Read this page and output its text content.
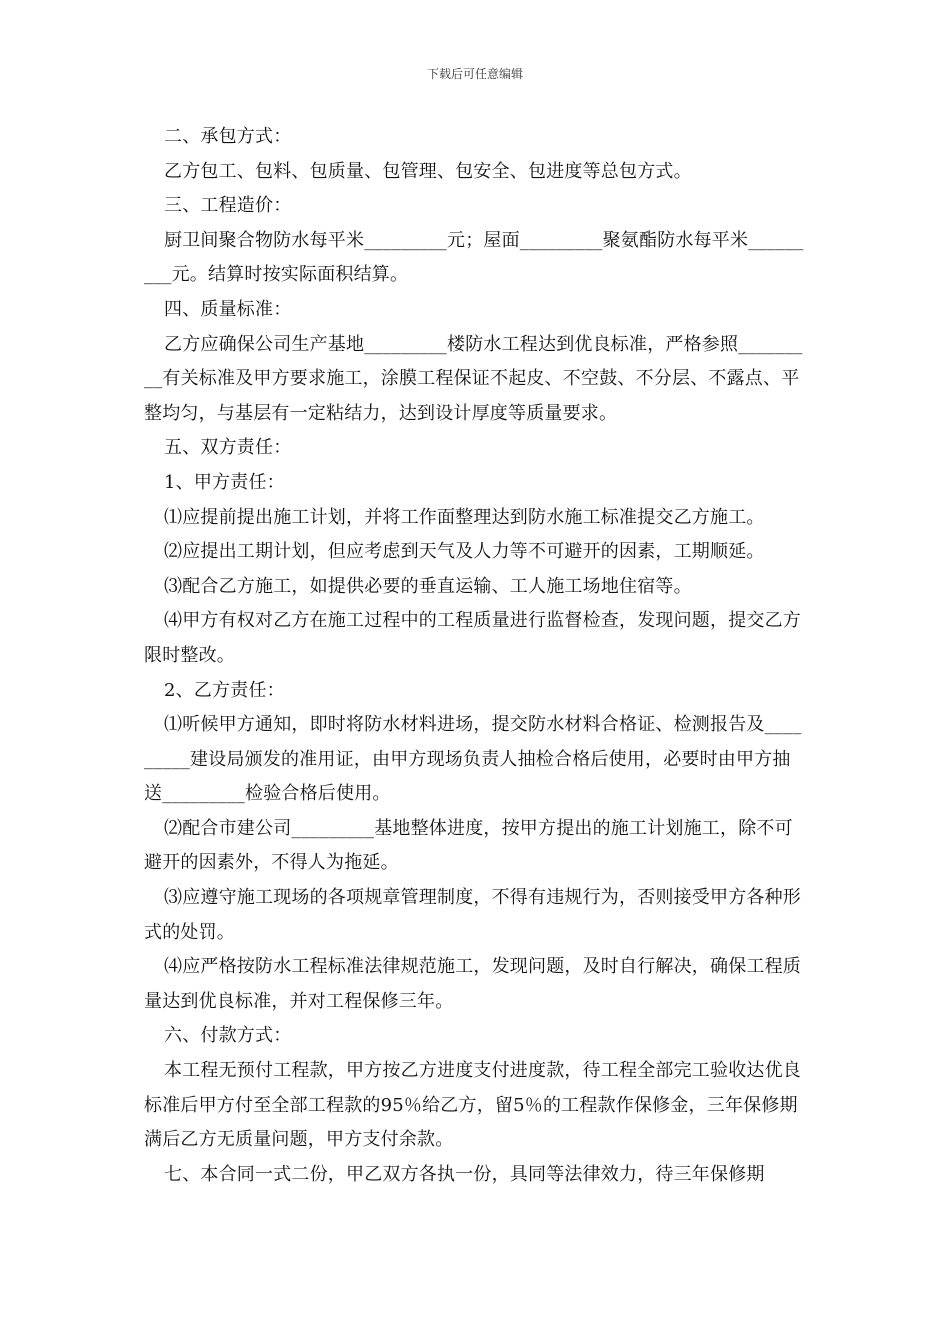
下载后可任意编辑

二、承包方式：

乙方包工、包料、包质量、包管理、包安全、包进度等总包方式。

三、工程造价：

厨卫间聚合物防水每平米_________元；屋面_________聚氨酯防水每平米_________元。结算时按实际面积结算。

四、质量标准：

乙方应确保公司生产基地_________楼防水工程达到优良标准，严格参照_________有关标准及甲方要求施工，涂膜工程保证不起皮、不空鼓、不分层、不露点、平整均匀，与基层有一定粘结力，达到设计厚度等质量要求。

五、双方责任：

1、甲方责任：

⑴应提前提出施工计划，并将工作面整理达到防水施工标准提交乙方施工。

⑵应提出工期计划，但应考虑到天气及人力等不可避开的因素，工期顺延。

⑶配合乙方施工，如提供必要的垂直运输、工人施工场地住宿等。

⑷甲方有权对乙方在施工过程中的工程质量进行监督检查，发现问题，提交乙方限时整改。

2、乙方责任：

⑴听候甲方通知，即时将防水材料进场，提交防水材料合格证、检测报告及_________建设局颁发的准用证，由甲方现场负责人抽检合格后使用，必要时由甲方抽送_________检验合格后使用。

⑵配合市建公司_________基地整体进度，按甲方提出的施工计划施工，除不可避开的因素外，不得人为拖延。

⑶应遵守施工现场的各项规章管理制度，不得有违规行为，否则接受甲方各种形式的处罚。

⑷应严格按防水工程标准法律规范施工，发现问题，及时自行解决，确保工程质量达到优良标准，并对工程保修三年。

六、付款方式：

本工程无预付工程款，甲方按乙方进度支付进度款，待工程全部完工验收达优良标准后甲方付至全部工程款的95％给乙方，留5％的工程款作保修金，三年保修期满后乙方无质量问题，甲方支付余款。

七、本合同一式二份，甲乙双方各执一份，具同等法律效力，待三年保修期
